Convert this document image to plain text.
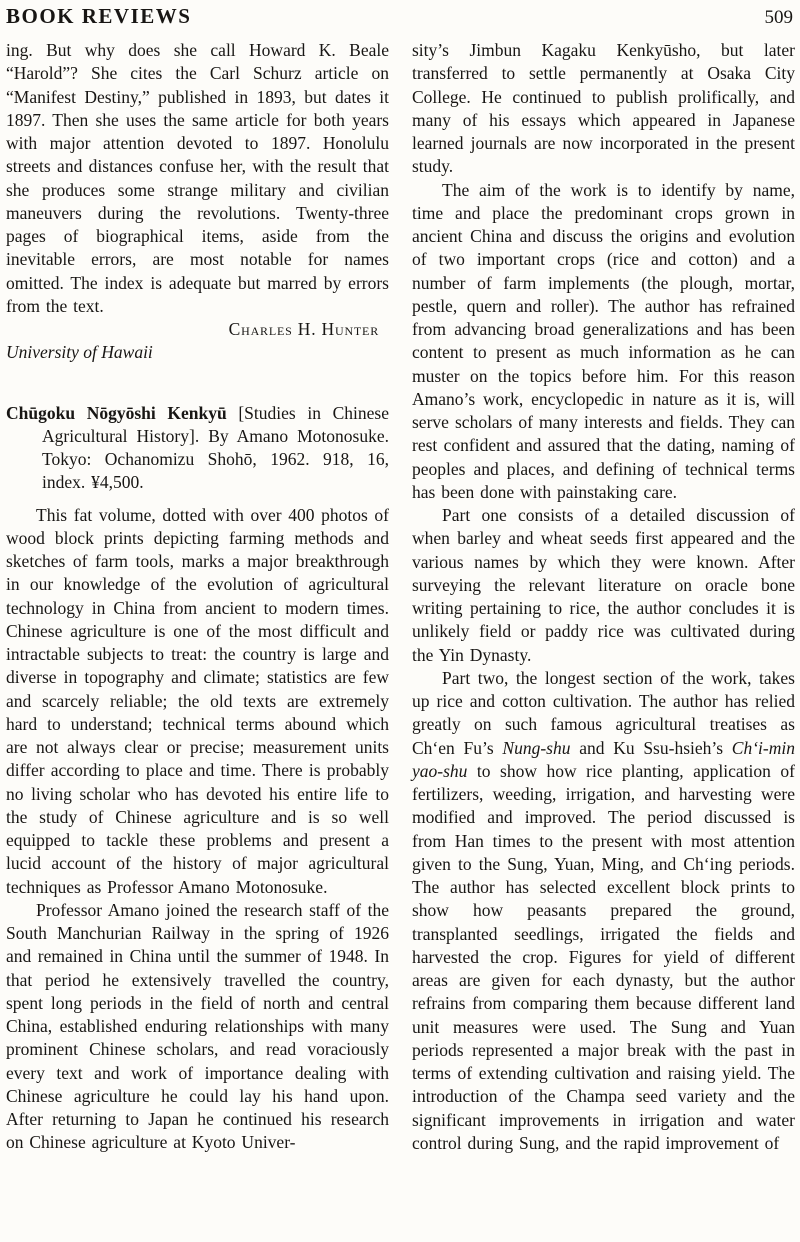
BOOK REVIEWS	509

ing. But why does she call Howard K. Beale “Harold”? She cites the Carl Schurz article on “Manifest Destiny,” published in 1893, but dates it 1897. Then she uses the same article for both years with major attention devoted to 1897. Honolulu streets and distances confuse her, with the result that she produces some strange military and civilian maneuvers during the revolutions. Twenty-three pages of biographical items, aside from the inevitable errors, are most notable for names omitted. The index is adequate but marred by errors from the text.

Charles H. Hunter
University of Hawaii
Chūgoku Nōgyōshi Kenkyū [Studies in Chinese Agricultural History]. By Amano Motonosuke. Tokyo: Ochanomizu Shohō, 1962. 918, 16, index. ¥4,500.

This fat volume, dotted with over 400 photos of wood block prints depicting farming methods and sketches of farm tools, marks a major breakthrough in our knowledge of the evolution of agricultural technology in China from ancient to modern times. Chinese agriculture is one of the most difficult and intractable subjects to treat: the country is large and diverse in topography and climate; statistics are few and scarcely reliable; the old texts are extremely hard to understand; technical terms abound which are not always clear or precise; measurement units differ according to place and time. There is probably no living scholar who has devoted his entire life to the study of Chinese agriculture and is so well equipped to tackle these problems and present a lucid account of the history of major agricultural techniques as Professor Amano Motonosuke.

Professor Amano joined the research staff of the South Manchurian Railway in the spring of 1926 and remained in China until the summer of 1948. In that period he extensively travelled the country, spent long periods in the field of north and central China, established enduring relationships with many prominent Chinese scholars, and read voraciously every text and work of importance dealing with Chinese agriculture he could lay his hand upon. After returning to Japan he continued his research on Chinese agriculture at Kyoto Univer-

sity’s Jimbun Kagaku Kenkyūsho, but later transferred to settle permanently at Osaka City College. He continued to publish prolifically, and many of his essays which appeared in Japanese learned journals are now incorporated in the present study.

The aim of the work is to identify by name, time and place the predominant crops grown in ancient China and discuss the origins and evolution of two important crops (rice and cotton) and a number of farm implements (the plough, mortar, pestle, quern and roller). The author has refrained from advancing broad generalizations and has been content to present as much information as he can muster on the topics before him. For this reason Amano’s work, encyclopedic in nature as it is, will serve scholars of many interests and fields. They can rest confident and assured that the dating, naming of peoples and places, and defining of technical terms has been done with painstaking care.

Part one consists of a detailed discussion of when barley and wheat seeds first appeared and the various names by which they were known. After surveying the relevant literature on oracle bone writing pertaining to rice, the author concludes it is unlikely field or paddy rice was cultivated during the Yin Dynasty.

Part two, the longest section of the work, takes up rice and cotton cultivation. The author has relied greatly on such famous agricultural treatises as Ch‘en Fu’s Nung-shu and Ku Ssu-hsieh’s Ch‘i-min yao-shu to show how rice planting, application of fertilizers, weeding, irrigation, and harvesting were modified and improved. The period discussed is from Han times to the present with most attention given to the Sung, Yuan, Ming, and Ch‘ing periods. The author has selected excellent block prints to show how peasants prepared the ground, transplanted seedlings, irrigated the fields and harvested the crop. Figures for yield of different areas are given for each dynasty, but the author refrains from comparing them because different land unit measures were used. The Sung and Yuan periods represented a major break with the past in terms of extending cultivation and raising yield. The introduction of the Champa seed variety and the significant improvements in irrigation and water control during Sung, and the rapid improvement of
